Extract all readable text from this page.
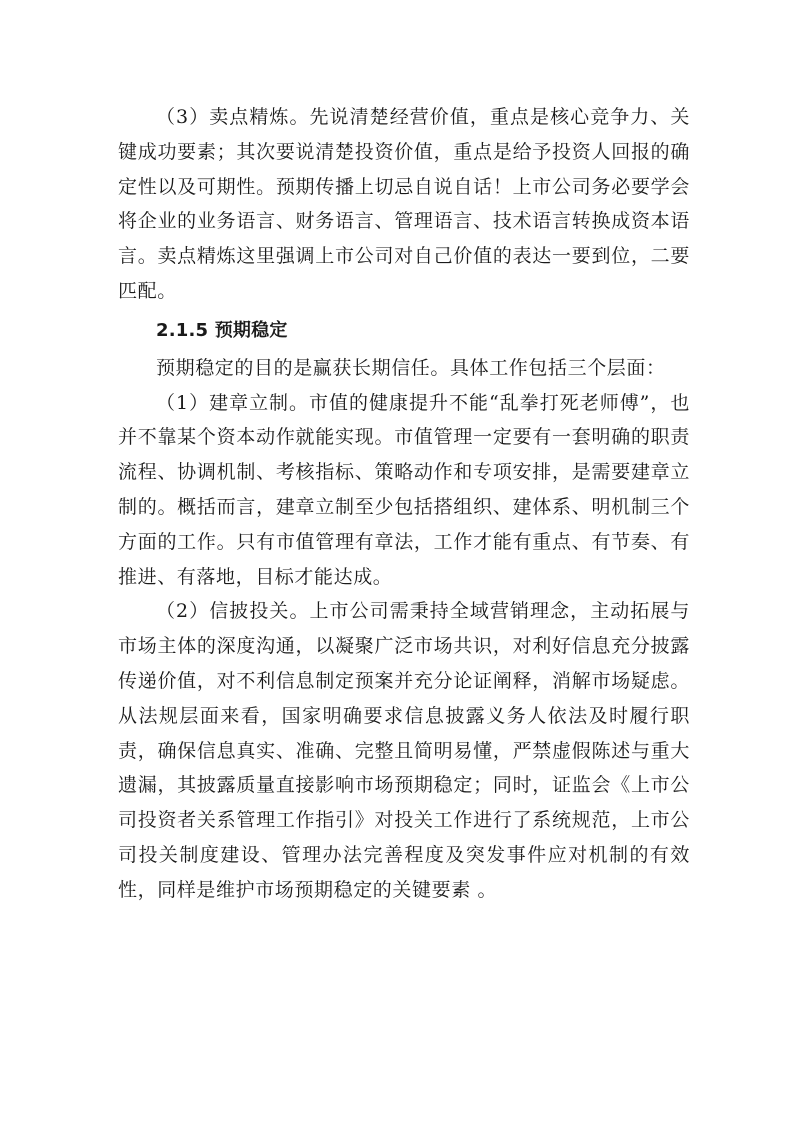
（3）卖点精炼。先说清楚经营价值，重点是核心竞争力、关键成功要素；其次要说清楚投资价值，重点是给予投资人回报的确定性以及可期性。预期传播上切忌自说自话！上市公司务必要学会将企业的业务语言、财务语言、管理语言、技术语言转换成资本语言。卖点精炼这里强调上市公司对自己价值的表达一要到位，二要匹配。

2.1.5 预期稳定

预期稳定的目的是赢获长期信任。具体工作包括三个层面：

（1）建章立制。市值的健康提升不能“乱拳打死老师傅”，也并不靠某个资本动作就能实现。市值管理一定要有一套明确的职责流程、协调机制、考核指标、策略动作和专项安排，是需要建章立制的。概括而言，建章立制至少包括搭组织、建体系、明机制三个方面的工作。只有市值管理有章法，工作才能有重点、有节奏、有推进、有落地，目标才能达成。

（2）信披投关。上市公司需秉持全域营销理念，主动拓展与市场主体的深度沟通，以凝聚广泛市场共识，对利好信息充分披露传递价值，对不利信息制定预案并充分论证阐释，消解市场疑虑。从法规层面来看，国家明确要求信息披露义务人依法及时履行职责，确保信息真实、准确、完整且简明易懂，严禁虚假陈述与重大遗漏，其披露质量直接影响市场预期稳定；同时，证监会《上市公司投资者关系管理工作指引》对投关工作进行了系统规范，上市公司投关制度建设、管理办法完善程度及突发事件应对机制的有效性，同样是维护市场预期稳定的关键要素 。
